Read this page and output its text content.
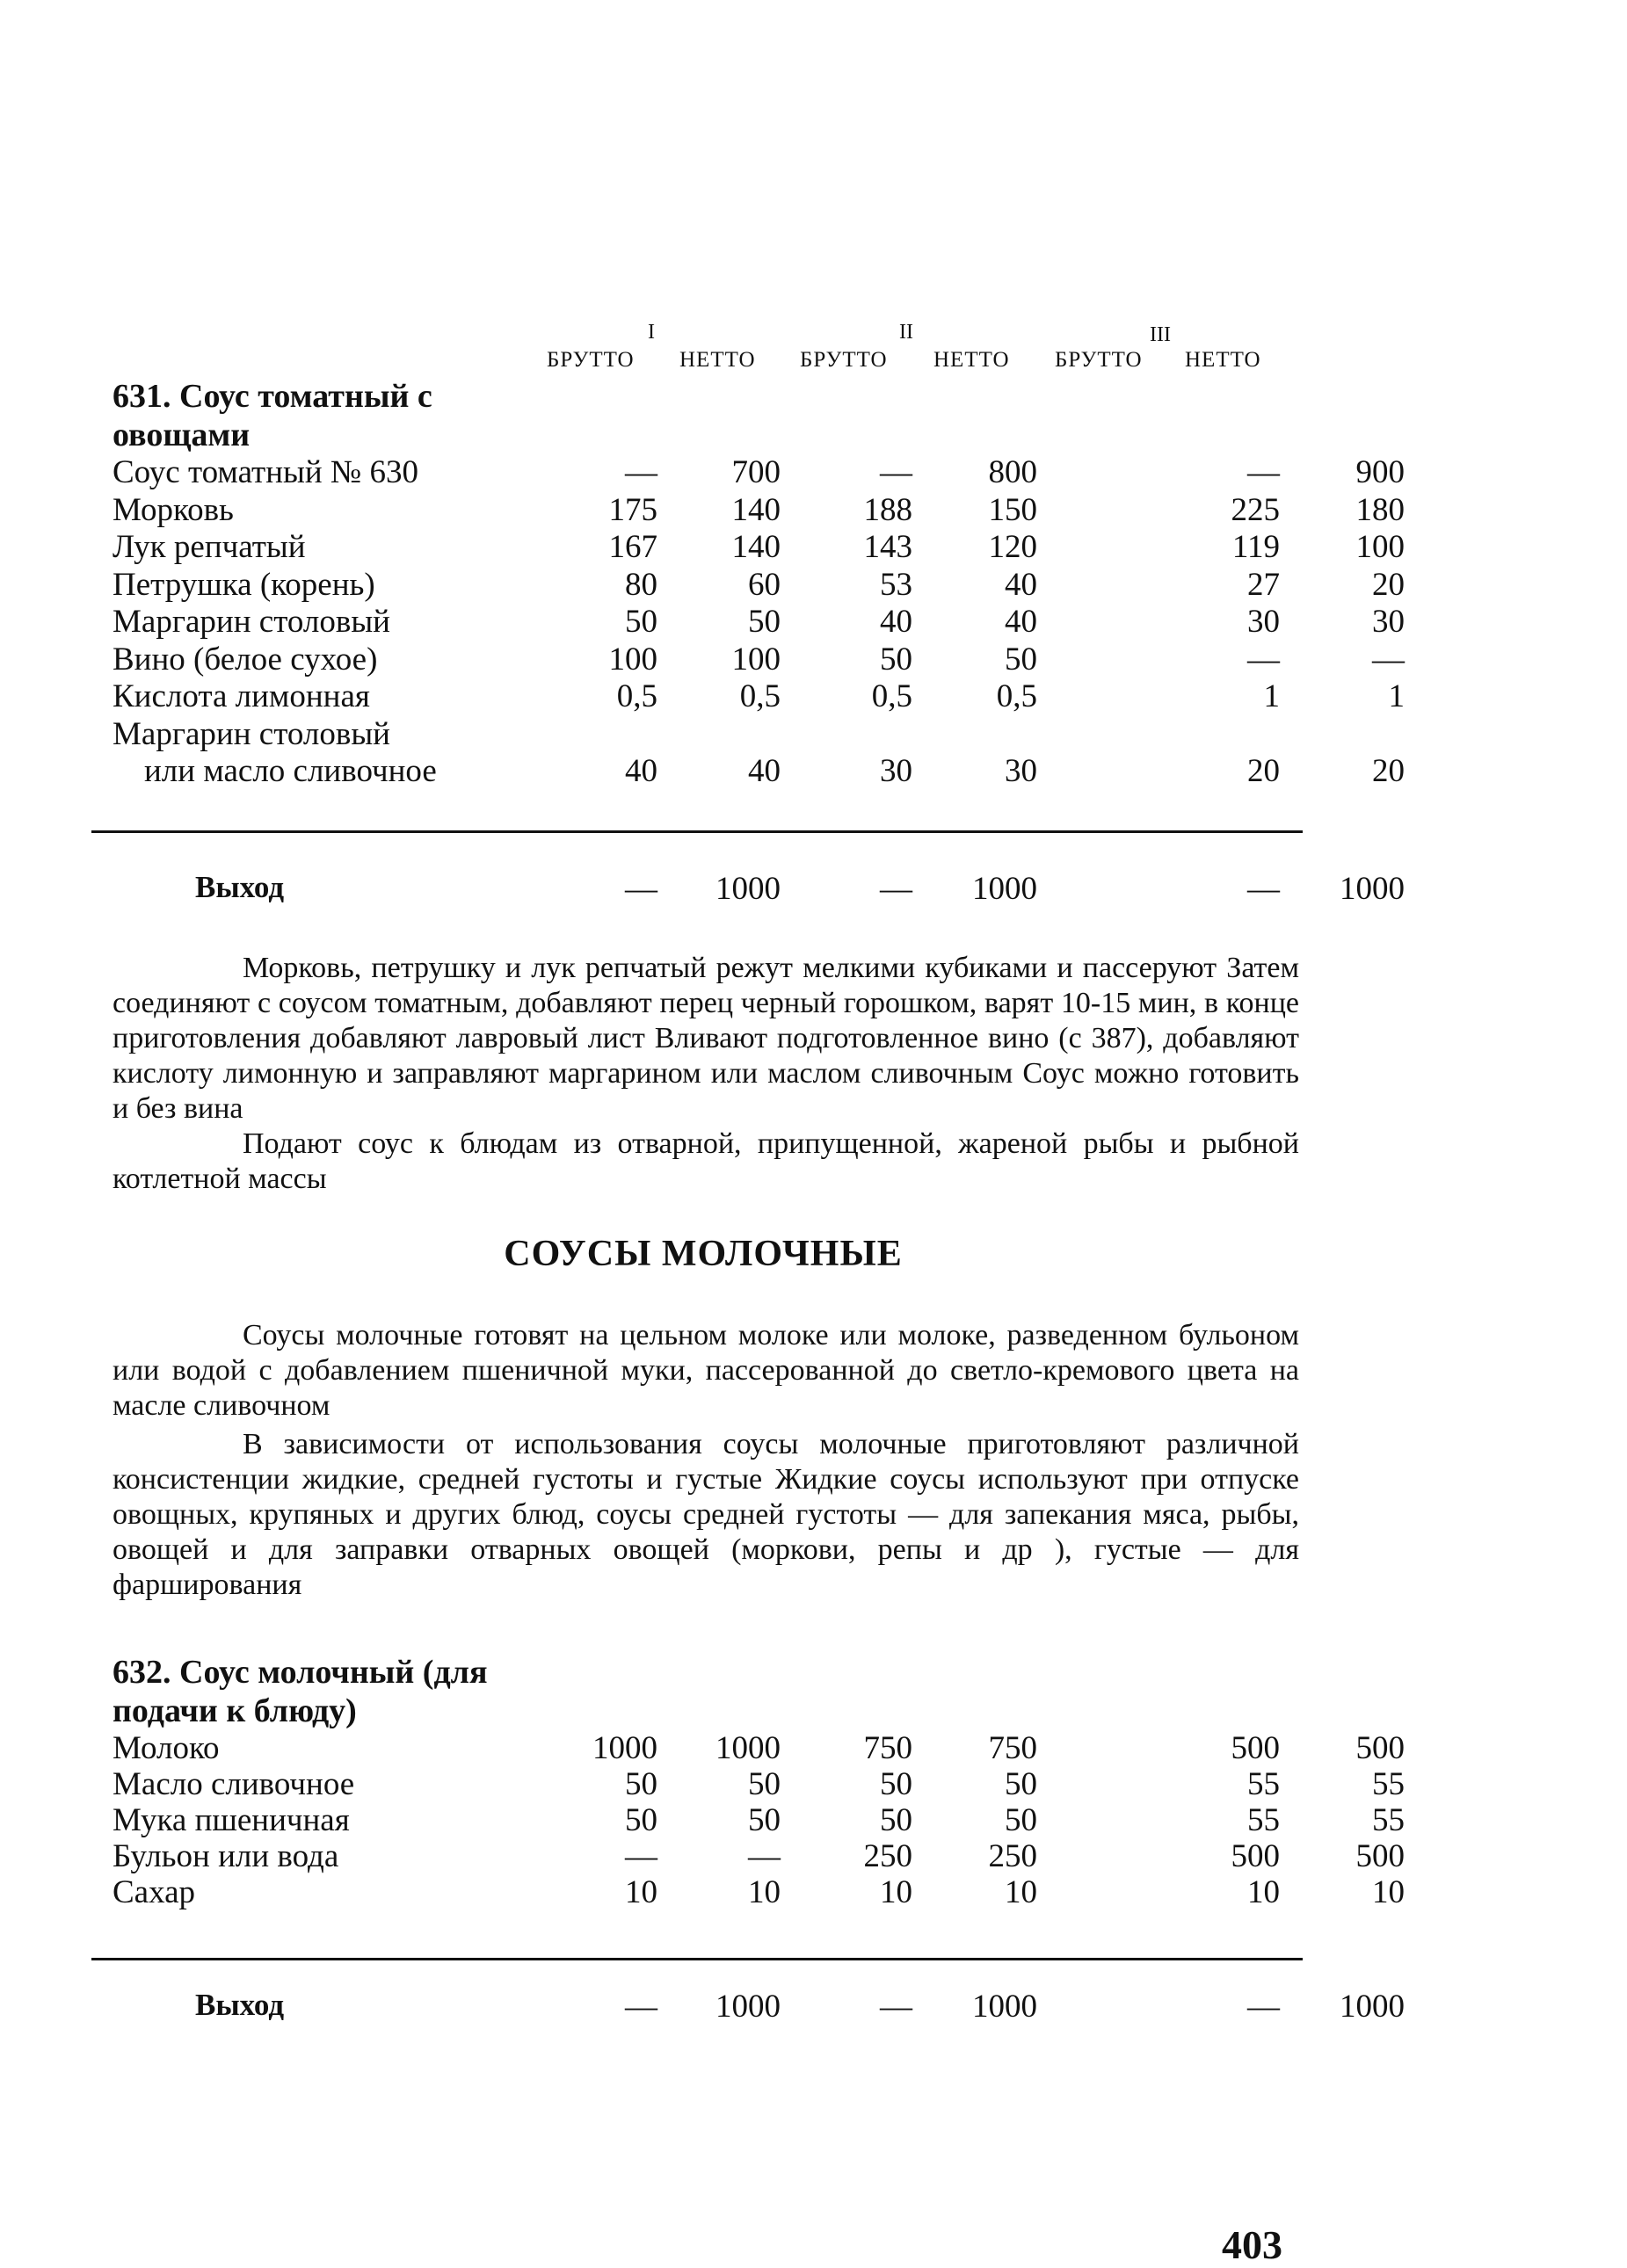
I	II	III
БРУТТО НЕТТО БРУТТО НЕТТО БРУТТО НЕТТО
631. Соус томатный с
овощами
Соус томатный № 630	—	700	—	800	—	900
Морковь	175	140	188	150	225	180
Лук репчатый	167	140	143	120	119	100
Петрушка (корень)	80	60	53	40	27	20
Маргарин столовый	50	50	40	40	30	30
Вино (белое сухое)	100	100	50	50	—	—
Кислота лимонная	0,5	0,5	0,5	0,5	1	1
Маргарин столовый
или масло сливочное	40	40	30	30	20	20
Выход	—	1000	—	1000	—	1000

Морковь, петрушку и лук репчатый режут мелкими кубиками и пассеруют Затем соединяют с соусом томатным, добавляют перец черный горошком, варят 10-15 мин, в конце приготовления добавляют лавровый лист Вливают подготовленное вино (с 387), добавляют кислоту лимонную и заправляют маргарином или маслом сливочным Соус можно готовить и без вина

Подают соус к блюдам из отварной, припущенной, жареной рыбы и рыбной котлетной массы

СОУСЫ МОЛОЧНЫЕ

Соусы молочные готовят на цельном молоке или молоке, разведенном бульоном или водой с добавлением пшеничной муки, пассерованной до светло-кремового цвета на масле сливочном

В зависимости от использования соусы молочные приготовляют различной консистенции жидкие, средней густоты и густые Жидкие соусы используют при отпуске овощных, крупяных и других блюд, соусы средней густоты — для запекания мяса, рыбы, овощей и для заправки отварных овощей (моркови, репы и др ), густые — для фарширования

632. Соус молочный (для
подачи к блюду)
Молоко	1000	1000	750	750	500	500
Масло сливочное	50	50	50	50	55	55
Мука пшеничная	50	50	50	50	55	55
Бульон или вода	—	—	250	250	500	500
Сахар	10	10	10	10	10	10
Выход	—	1000	—	1000	—	1000
403
